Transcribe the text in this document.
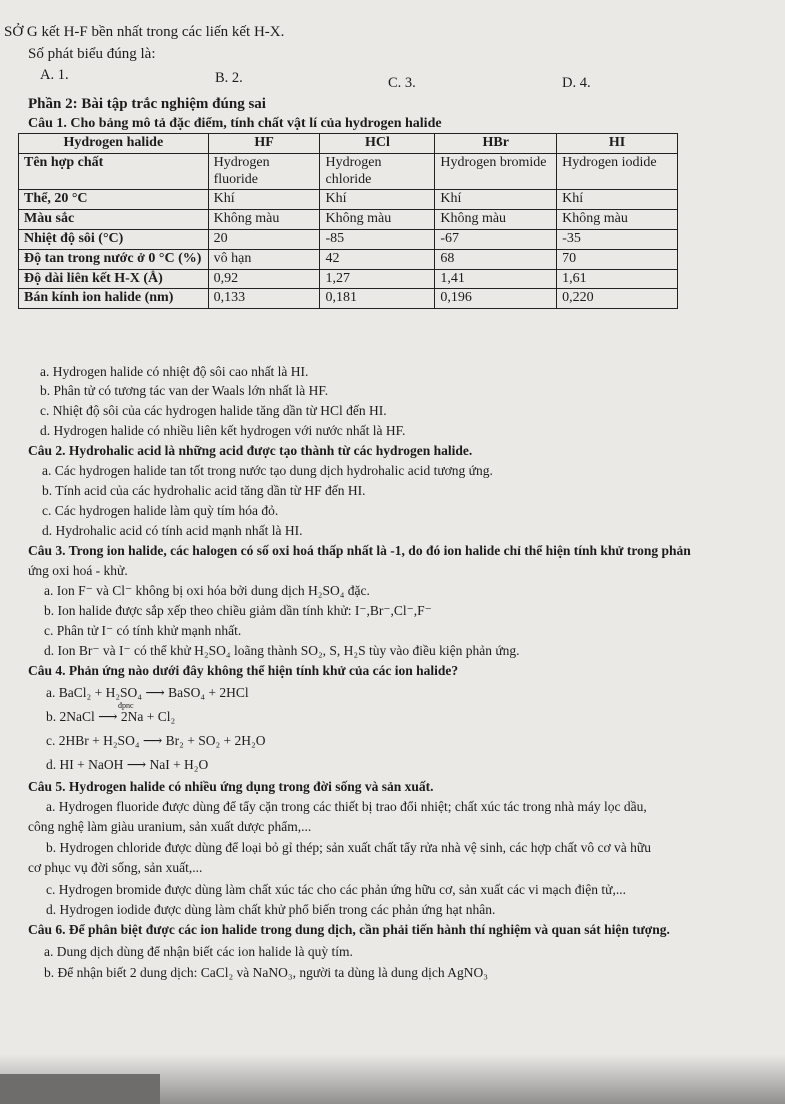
SỞ G kết H-F bền nhất trong các liến kết H-X.
Số phát biểu đúng là:
A. 1.	B. 2.	C. 3.	D. 4.
Phần 2: Bài tập trắc nghiệm đúng sai
Câu 1. Cho bảng mô tả đặc điểm, tính chất vật lí của hydrogen halide
Hydrogen halide	HF	HCl	HBr	HI
Tên hợp chất	Hydrogen fluoride	Hydrogen chloride	Hydrogen bromide	Hydrogen iodide
Thể, 20 °C	Khí	Khí	Khí	Khí
Màu sắc	Không màu	Không màu	Không màu	Không màu
Nhiệt độ sôi (°C)	20	-85	-67	-35
Độ tan trong nước ở 0 °C (%)	vô hạn	42	68	70
Độ dài liên kết H-X (Å)	0,92	1,27	1,41	1,61
Bán kính ion halide (nm)	0,133	0,181	0,196	0,220
a. Hydrogen halide có nhiệt độ sôi cao nhất là HI.
b. Phân tử có tương tác van der Waals lớn nhất là HF.
c. Nhiệt độ sôi của các hydrogen halide tăng dần từ HCl đến HI.
d. Hydrogen halide có nhiều liên kết hydrogen với nước nhất là HF.
Câu 2. Hydrohalic acid là những acid được tạo thành từ các hydrogen halide.
a. Các hydrogen halide tan tốt trong nước tạo dung dịch hydrohalic acid tương ứng.
b. Tính acid của các hydrohalic acid tăng dần từ HF đến HI.
c. Các hydrogen halide làm quỳ tím hóa đỏ.
d. Hydrohalic acid có tính acid mạnh nhất là HI.
Câu 3. Trong ion halide, các halogen có số oxi hoá thấp nhất là -1, do đó ion halide chỉ thể hiện tính khử trong phản
ứng oxi hoá - khử.
a. Ion F⁻ và Cl⁻ không bị oxi hóa bởi dung dịch H₂SO₄ đặc.
b. Ion halide được sắp xếp theo chiều giảm dần tính khử: I⁻,Br⁻,Cl⁻,F⁻
c. Phân tử I⁻ có tính khử mạnh nhất.
d. Ion Br⁻ và I⁻ có thể khử H₂SO₄ loãng thành SO₂, S, H₂S tùy vào điều kiện phản ứng.
Câu 4. Phản ứng nào dưới đây không thể hiện tính khử của các ion halide?
a. BaCl₂ + H₂SO₄ ⟶ BaSO₄ + 2HCl
b. 2NaCl ⟶ 2Na + Cl₂
đpnc
c. 2HBr + H₂SO₄ ⟶ Br₂ + SO₂ + 2H₂O
d. HI + NaOH ⟶ NaI + H₂O
Câu 5. Hydrogen halide có nhiều ứng dụng trong đời sống và sản xuất.
a. Hydrogen fluoride được dùng để tẩy cặn trong các thiết bị trao đổi nhiệt; chất xúc tác trong nhà máy lọc dầu,
công nghệ làm giàu uranium, sản xuất dược phẩm,...
b. Hydrogen chloride được dùng để loại bỏ gỉ thép; sản xuất chất tẩy rửa nhà vệ sinh, các hợp chất vô cơ và hữu
cơ phục vụ đời sống, sản xuất,...
c. Hydrogen bromide được dùng làm chất xúc tác cho các phản ứng hữu cơ, sản xuất các vi mạch điện tử,...
d. Hydrogen iodide được dùng làm chất khử phổ biến trong các phản ứng hạt nhân.
Câu 6. Để phân biệt được các ion halide trong dung dịch, cần phải tiến hành thí nghiệm và quan sát hiện tượng.
a. Dung dịch dùng để nhận biết các ion halide là quỳ tím.
b. Để nhận biết 2 dung dịch: CaCl₂ và NaNO₃, người ta dùng là dung dịch AgNO₃
